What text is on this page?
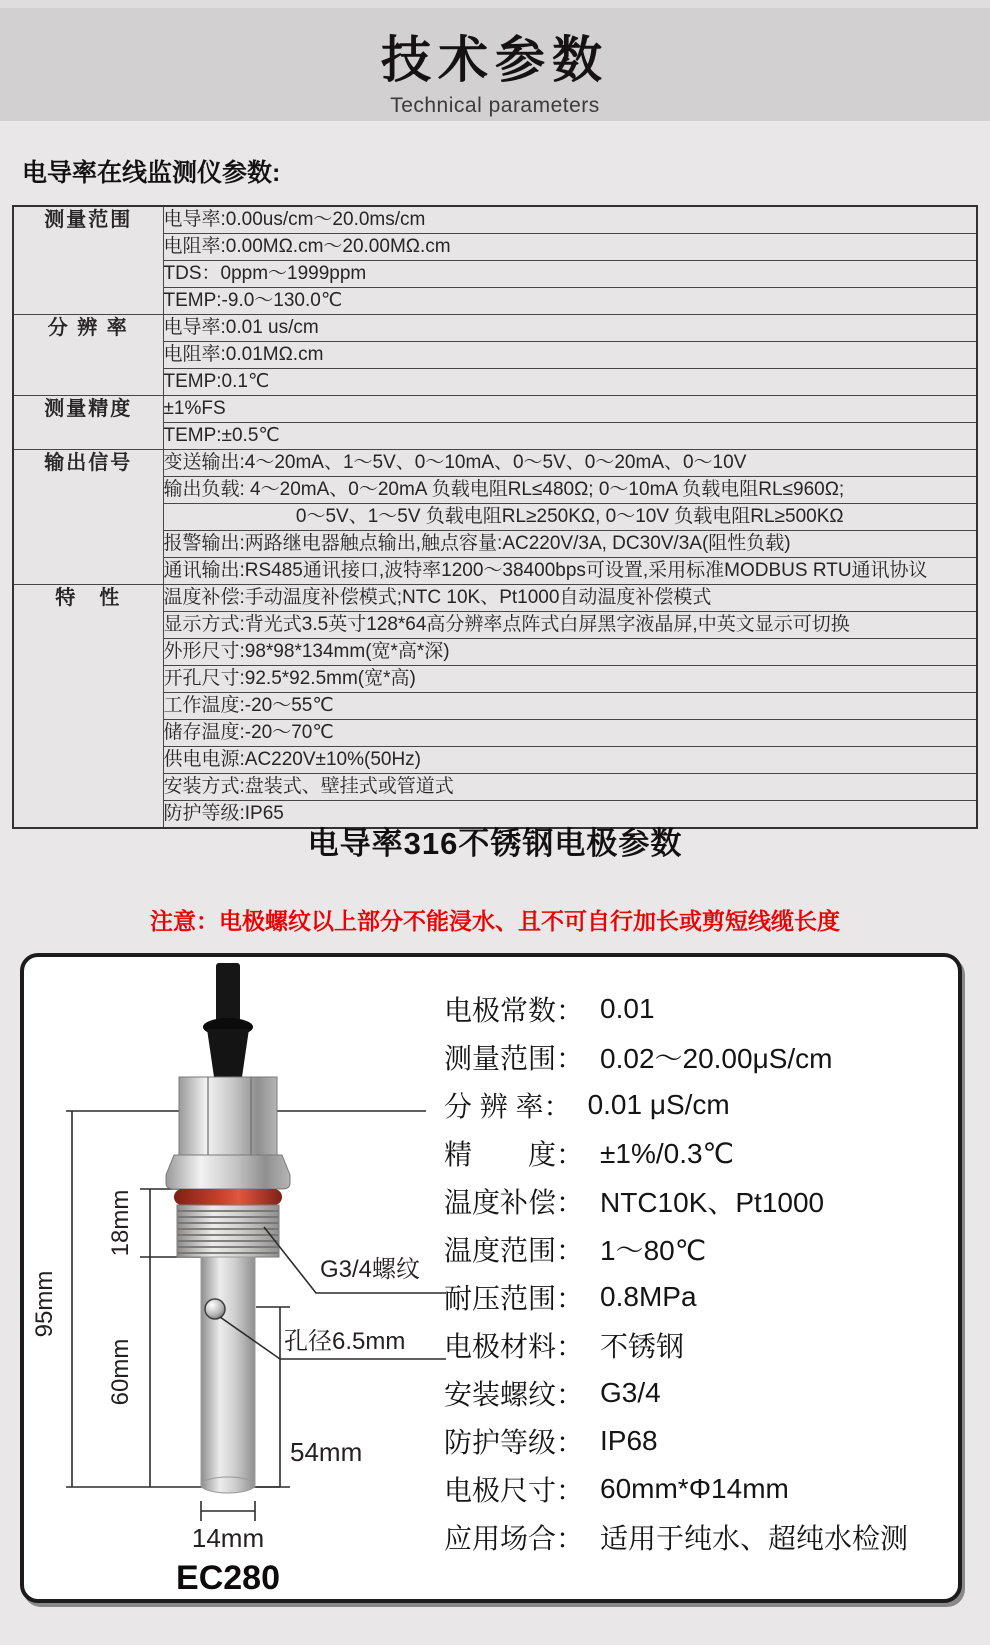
技术参数

Technical parameters

电导率在线监测仪参数:
测量范围	电导率:0.00us/cm～20.0ms/cm
	电阻率:0.00MΩ.cm～20.00MΩ.cm
	TDS：0ppm～1999ppm
	TEMP:-9.0～130.0℃
分 辨 率	电导率:0.01 us/cm
	电阻率:0.01MΩ.cm
	TEMP:0.1℃
测量精度	±1%FS
	TEMP:±0.5℃
输出信号	变送输出:4～20mA、1～5V、0～10mA、0～5V、0～20mA、0～10V
	输出负载: 4～20mA、0～20mA 负载电阻RL≤480Ω; 0～10mA 负载电阻RL≤960Ω;
	0～5V、1～5V 负载电阻RL≥250KΩ, 0～10V 负载电阻RL≥500KΩ
	报警输出:两路继电器触点输出,触点容量:AC220V/3A, DC30V/3A(阻性负载)
	通讯输出:RS485通讯接口,波特率1200～38400bps可设置,采用标准MODBUS RTU通讯协议
特　性	温度补偿:手动温度补偿模式;NTC 10K、Pt1000自动温度补偿模式
	显示方式:背光式3.5英寸128*64高分辨率点阵式白屏黑字液晶屏,中英文显示可切换
	外形尺寸:98*98*134mm(宽*高*深)
	开孔尺寸:92.5*92.5mm(宽*高)
	工作温度:-20～55℃
	储存温度:-20～70℃
	供电电源:AC220V±10%(50Hz)
	安装方式:盘装式、壁挂式或管道式
	防护等级:IP65
电导率316不锈钢电极参数
注意：电极螺纹以上部分不能浸水、且不可自行加长或剪短线缆长度
95mm
18mm
60mm
54mm
14mm
G3/4螺纹
孔径6.5mm
EC280
电极常数： 0.01
测量范围： 0.02～20.00μS/cm
分 辨 率： 0.01 μS/cm
精　　度： ±1%/0.3℃
温度补偿： NTC10K、Pt1000
温度范围： 1～80℃
耐压范围： 0.8MPa
电极材料： 不锈钢
安装螺纹： G3/4
防护等级： IP68
电极尺寸： 60mm*Φ14mm
应用场合： 适用于纯水、超纯水检测
